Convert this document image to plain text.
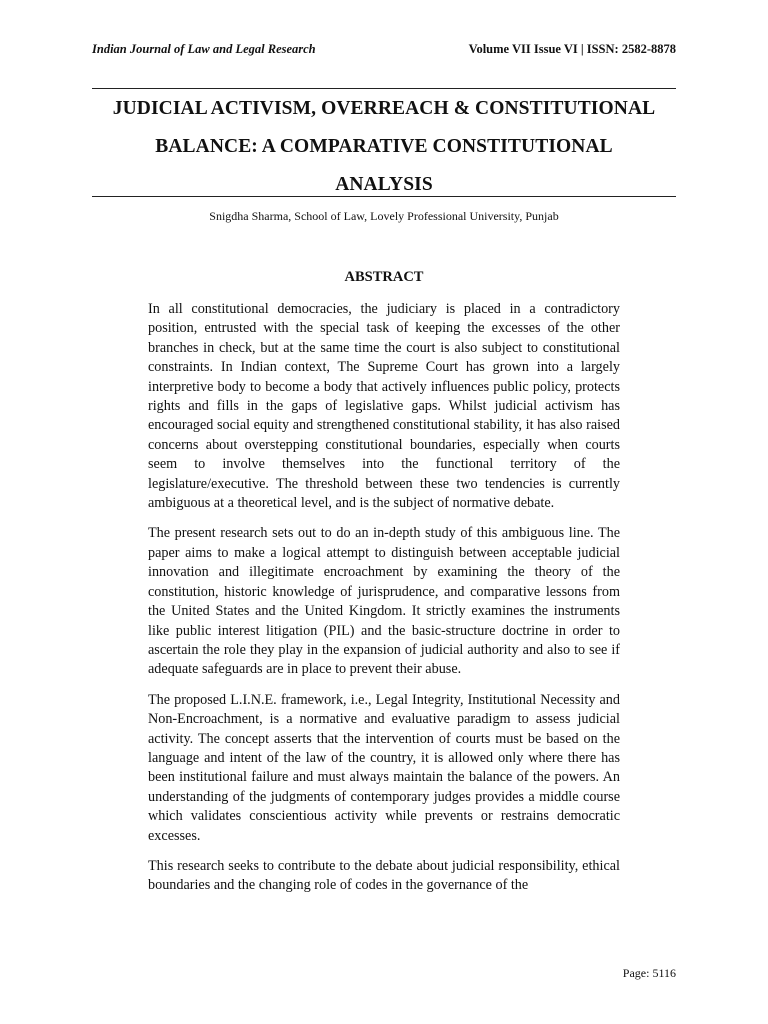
Indian Journal of Law and Legal Research	Volume VII Issue VI | ISSN: 2582-8878
JUDICIAL ACTIVISM, OVERREACH & CONSTITUTIONAL
BALANCE: A COMPARATIVE CONSTITUTIONAL
ANALYSIS
Snigdha Sharma, School of Law, Lovely Professional University, Punjab
ABSTRACT

In all constitutional democracies, the judiciary is placed in a contradictory position, entrusted with the special task of keeping the excesses of the other branches in check, but at the same time the court is also subject to constitutional constraints. In Indian context, The Supreme Court has grown into a largely interpretive body to become a body that actively influences public policy, protects rights and fills in the gaps of legislative gaps. Whilst judicial activism has encouraged social equity and strengthened constitutional stability, it has also raised concerns about overstepping constitutional boundaries, especially when courts seem to involve themselves into the functional territory of the legislature/executive. The threshold between these two tendencies is currently ambiguous at a theoretical level, and is the subject of normative debate.

The present research sets out to do an in-depth study of this ambiguous line. The paper aims to make a logical attempt to distinguish between acceptable judicial innovation and illegitimate encroachment by examining the theory of the constitution, historic knowledge of jurisprudence, and comparative lessons from the United States and the United Kingdom. It strictly examines the instruments like public interest litigation (PIL) and the basic-structure doctrine in order to ascertain the role they play in the expansion of judicial authority and also to see if adequate safeguards are in place to prevent their abuse.

The proposed L.I.N.E. framework, i.e., Legal Integrity, Institutional Necessity and Non-Encroachment, is a normative and evaluative paradigm to assess judicial activity. The concept asserts that the intervention of courts must be based on the language and intent of the law of the country, it is allowed only where there has been institutional failure and must always maintain the balance of the powers. An understanding of the judgments of contemporary judges provides a middle course which validates conscientious activity while prevents or restrains democratic excesses.

This research seeks to contribute to the debate about judicial responsibility, ethical boundaries and the changing role of codes in the governance of the

Page: 5116
